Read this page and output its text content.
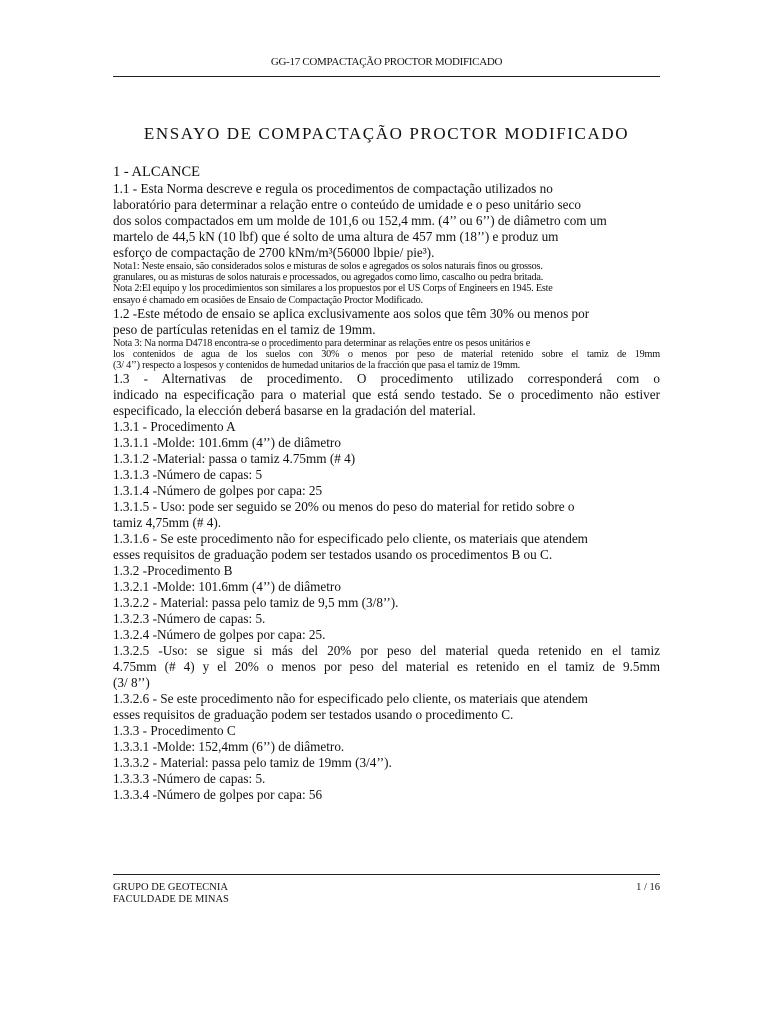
GG-17 COMPACTAÇÃO PROCTOR MODIFICADO
ENSAYO DE COMPACTAÇÃO PROCTOR MODIFICADO
1 - ALCANCE
1.1 - Esta Norma descreve e regula os procedimentos de compactação utilizados no
laboratório para determinar a relação entre o conteúdo de umidade e o peso unitário seco
dos solos compactados em um molde de 101,6 ou 152,4 mm. (4’’ ou 6’’) de diâmetro com um
martelo de 44,5 kN (10 lbf) que é solto de uma altura de 457 mm (18’’) e produz um
esforço de compactação de 2700 kNm/m³(56000 lbpie/ pie³).
Nota1: Neste ensaio, são considerados solos e misturas de solos e agregados os solos naturais finos ou grossos.
granulares, ou as misturas de solos naturais e processados, ou agregados como limo, cascalho ou pedra britada.
Nota 2:El equipo y los procedimientos son similares a los propuestos por el US Corps of Engineers en 1945. Este
ensayo é chamado em ocasiões de Ensaio de Compactação Proctor Modificado.
1.2 -Este método de ensaio se aplica exclusivamente aos solos que têm 30% ou menos por
peso de partículas retenidas en el tamiz de 19mm.
Nota 3: Na norma D4718 encontra-se o procedimento para determinar as relações entre os pesos unitários e
los contenidos de agua de los suelos con 30% o menos por peso de material retenido sobre el tamiz de 19mm
(3/ 4’’) respecto a lospesos y contenidos de humedad unitarios de la fracción que pasa el tamiz de 19mm.
1.3 - Alternativas de procedimento. O procedimento utilizado corresponderá com o
indicado na especificação para o material que está sendo testado. Se o procedimento não estiver
especificado, la elección deberá basarse en la gradación del material.
1.3.1 - Procedimento A
1.3.1.1 -Molde: 101.6mm (4’’) de diâmetro
1.3.1.2 -Material: passa o tamiz 4.75mm (# 4)
1.3.1.3 -Número de capas: 5
1.3.1.4 -Número de golpes por capa: 25
1.3.1.5 - Uso: pode ser seguido se 20% ou menos do peso do material for retido sobre o
tamiz 4,75mm (# 4).
1.3.1.6 - Se este procedimento não for especificado pelo cliente, os materiais que atendem
esses requisitos de graduação podem ser testados usando os procedimentos B ou C.
1.3.2 -Procedimento B
1.3.2.1 -Molde: 101.6mm (4’’) de diâmetro
1.3.2.2 - Material: passa pelo tamiz de 9,5 mm (3/8’’).
1.3.2.3 -Número de capas: 5.
1.3.2.4 -Número de golpes por capa: 25.
1.3.2.5 -Uso: se sigue si más del 20% por peso del material queda retenido en el tamiz
4.75mm (# 4) y el 20% o menos por peso del material es retenido en el tamiz de 9.5mm
(3/ 8’’)
1.3.2.6 - Se este procedimento não for especificado pelo cliente, os materiais que atendem
esses requisitos de graduação podem ser testados usando o procedimento C.
1.3.3 - Procedimento C
1.3.3.1 -Molde: 152,4mm (6’’) de diâmetro.
1.3.3.2 - Material: passa pelo tamiz de 19mm (3/4’’).
1.3.3.3 -Número de capas: 5.
1.3.3.4 -Número de golpes por capa: 56
GRUPO DE GEOTECNIA
FACULDADE DE MINAS
1 / 16
